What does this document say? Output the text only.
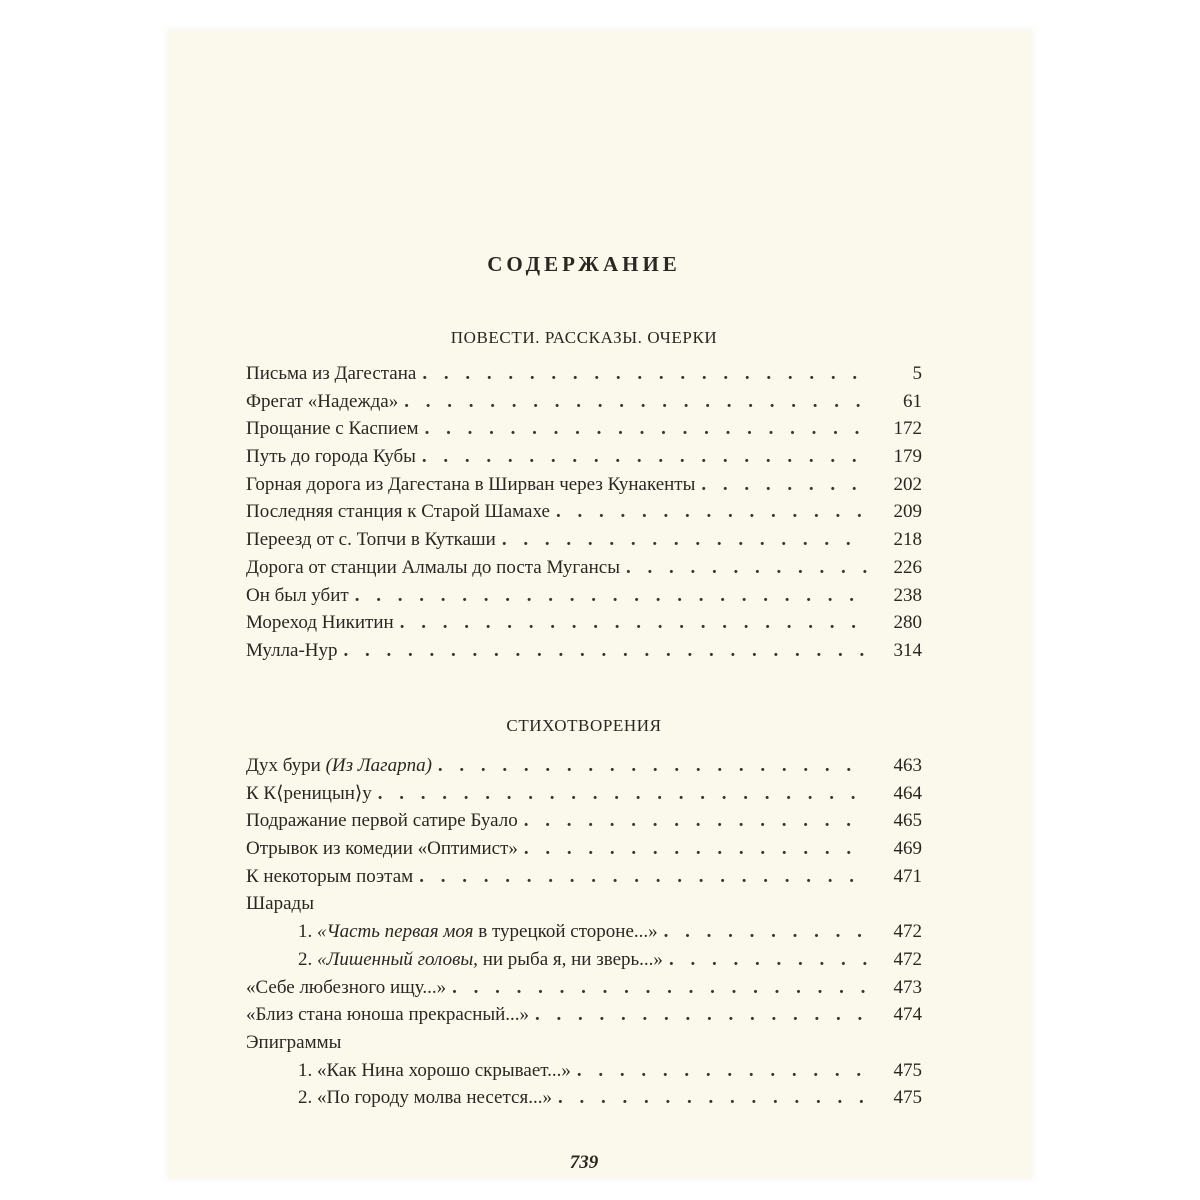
СОДЕРЖАНИЕ
ПОВЕСТИ. РАССКАЗЫ. ОЧЕРКИ
Письма из Дагестана . . .	5
Фрегат «Надежда» . . .	61
Прощание с Каспием . . .	172
Путь до города Кубы . . .	179
Горная дорога из Дагестана в Ширван через Кунакенты . . .	202
Последняя станция к Старой Шамахе . . .	209
Переезд от с. Топчи в Куткаши . . .	218
Дорога от станции Алмалы до поста Мугансы . . .	226
Он был убит . . .	238
Мореход Никитин . . .	280
Мулла-Нур . . .	314
СТИХОТВОРЕНИЯ
Дух бури (Из Лагарпа) . . .	463
К К⟨реницын⟩у . . .	464
Подражание первой сатире Буало . . .	465
Отрывок из комедии «Оптимист» . . .	469
К некоторым поэтам . . .	471
Шарады
1. «Часть первая моя в турецкой стороне...» . . .	472
2. «Лишенный головы, ни рыба я, ни зверь...» . . .	472
«Себе любезного ищу...» . . .	473
«Близ стана юноша прекрасный...» . . .	474
Эпиграммы
1. «Как Нина хорошо скрывает...» . . .	475
2. «По городу молва несется...» . . .	475
739
